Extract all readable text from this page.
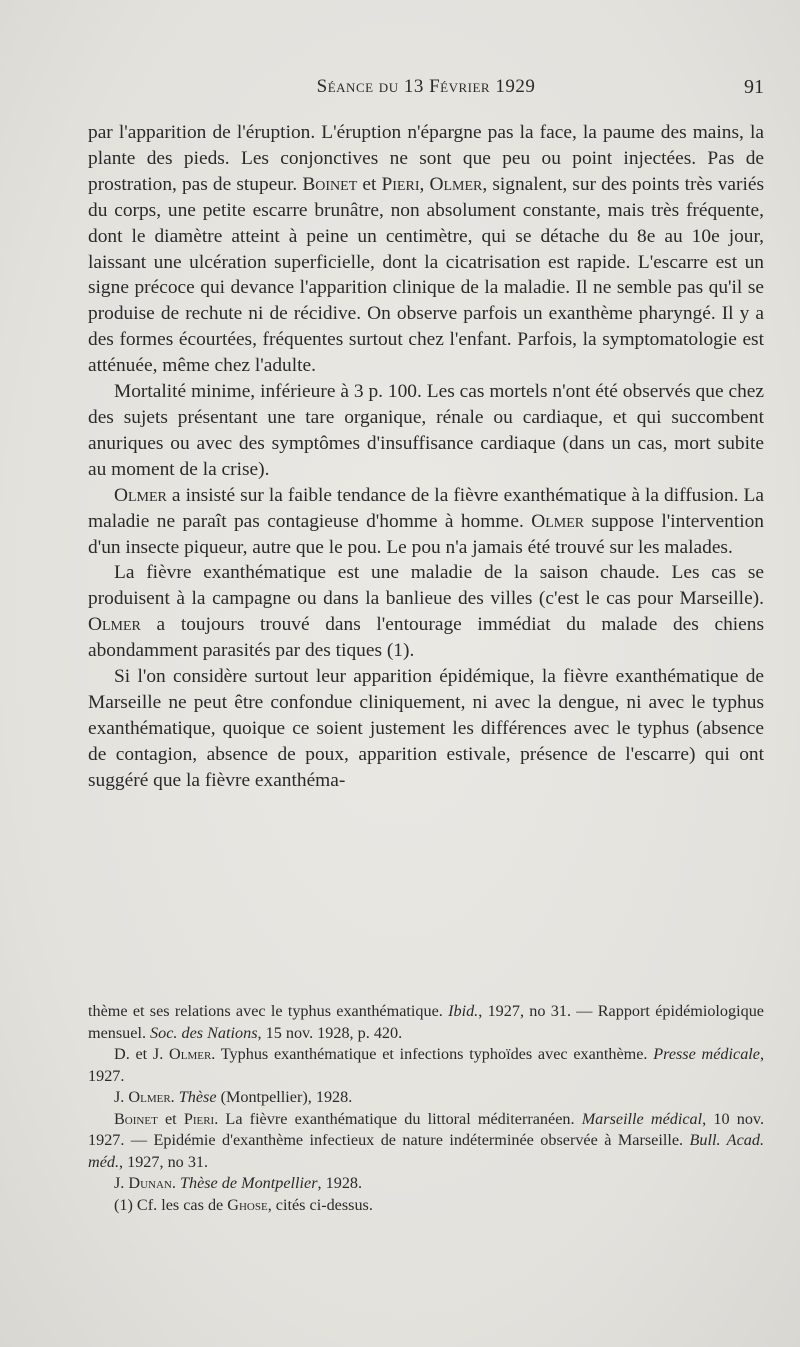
Séance du 13 Février 1929	91

par l'apparition de l'éruption. L'éruption n'épargne pas la face, la paume des mains, la plante des pieds. Les conjonctives ne sont que peu ou point injectées. Pas de prostration, pas de stupeur. Boinet et Pieri, Olmer, signalent, sur des points très variés du corps, une petite escarre brunâtre, non absolument constante, mais très fréquente, dont le diamètre atteint à peine un centimètre, qui se détache du 8e au 10e jour, laissant une ulcération superficielle, dont la cicatrisation est rapide. L'escarre est un signe précoce qui devance l'apparition clinique de la maladie. Il ne semble pas qu'il se produise de rechute ni de récidive. On observe parfois un exanthème pharyngé. Il y a des formes écourtées, fréquentes surtout chez l'enfant. Parfois, la symptomatologie est atténuée, même chez l'adulte.

Mortalité minime, inférieure à 3 p. 100. Les cas mortels n'ont été observés que chez des sujets présentant une tare organique, rénale ou cardiaque, et qui succombent anuriques ou avec des symptômes d'insuffisance cardiaque (dans un cas, mort subite au moment de la crise).

Olmer a insisté sur la faible tendance de la fièvre exanthématique à la diffusion. La maladie ne paraît pas contagieuse d'homme à homme. Olmer suppose l'intervention d'un insecte piqueur, autre que le pou. Le pou n'a jamais été trouvé sur les malades.

La fièvre exanthématique est une maladie de la saison chaude. Les cas se produisent à la campagne ou dans la banlieue des villes (c'est le cas pour Marseille). Olmer a toujours trouvé dans l'entourage immédiat du malade des chiens abondamment parasités par des tiques (1).

Si l'on considère surtout leur apparition épidémique, la fièvre exanthématique de Marseille ne peut être confondue cliniquement, ni avec la dengue, ni avec le typhus exanthématique, quoique ce soient justement les différences avec le typhus (absence de contagion, absence de poux, apparition estivale, présence de l'escarre) qui ont suggéré que la fièvre exanthéma-

thème et ses relations avec le typhus exanthématique. Ibid., 1927, no 31. — Rapport épidémiologique mensuel. Soc. des Nations, 15 nov. 1928, p. 420.

D. et J. Olmer. Typhus exanthématique et infections typhoïdes avec exanthème. Presse médicale, 1927.

J. Olmer. Thèse (Montpellier), 1928.

Boinet et Pieri. La fièvre exanthématique du littoral méditerranéen. Marseille médical, 10 nov. 1927. — Epidémie d'exanthème infectieux de nature indéterminée observée à Marseille. Bull. Acad. méd., 1927, no 31.

J. Dunan. Thèse de Montpellier, 1928.

(1) Cf. les cas de Ghose, cités ci-dessus.
